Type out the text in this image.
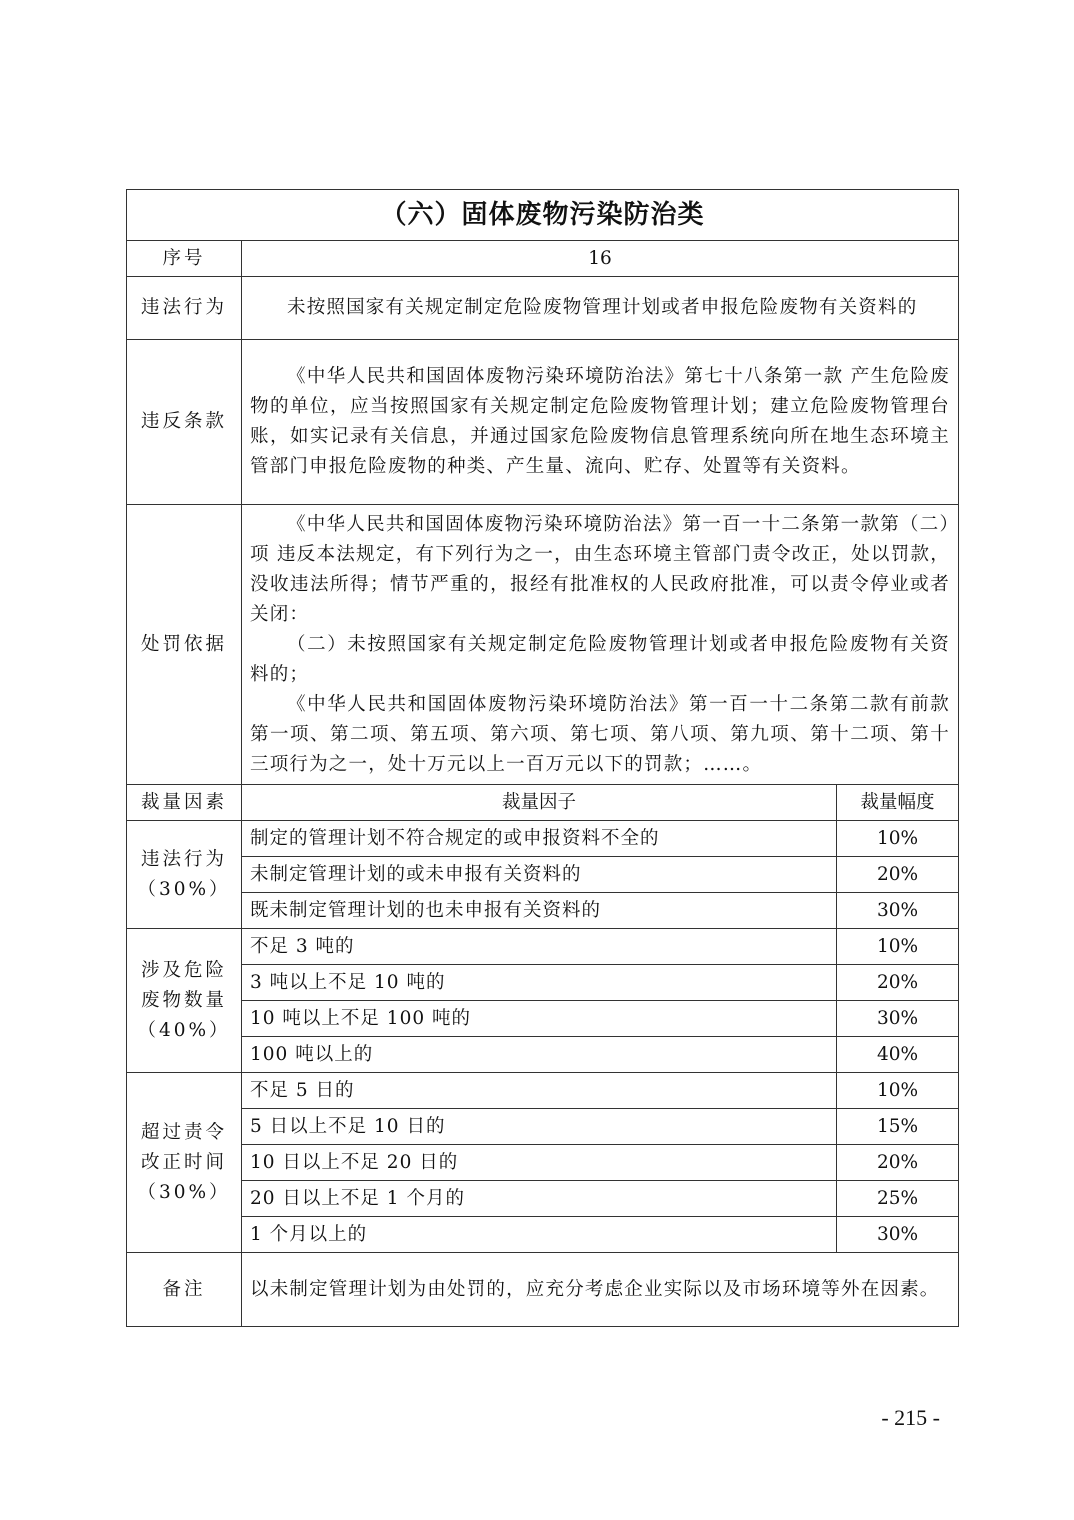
（六）固体废物污染防治类		
序号	16	
违法行为	未按照国家有关规定制定危险废物管理计划或者申报危险废物有关资料的	

违反条款	《中华人民共和国固体废物污染环境防治法》第七十八条第一款 产生危险废物的单位，应当按照国家有关规定制定危险废物管理计划；建立危险废物管理台账，如实记录有关信息，并通过国家危险废物信息管理系统向所在地生态环境主管部门申报危险废物的种类、产生量、流向、贮存、处置等有关资料。	

处罚依据	《中华人民共和国固体废物污染环境防治法》第一百一十二条第一款第（二）项 违反本法规定，有下列行为之一，由生态环境主管部门责令改正，处以罚款，没收违法所得；情节严重的，报经有批准权的人民政府批准，可以责令停业或者关闭：

（二）未按照国家有关规定制定危险废物管理计划或者申报危险废物有关资料的；

《中华人民共和国固体废物污染环境防治法》第一百一十二条第二款有前款第一项、第二项、第五项、第六项、第七项、第八项、第九项、第十二项、第十三项行为之一，处十万元以上一百万元以下的罚款；……。	

裁量因素	裁量因子	裁量幅度
违法行为（30%）	制定的管理计划不符合规定的或申报资料不全的	10%
	未制定管理计划的或未申报有关资料的	20%
	既未制定管理计划的也未申报有关资料的	30%
涉及危险废物数量（40%）	不足 3 吨的	10%
	3 吨以上不足 10 吨的	20%
	10 吨以上不足 100 吨的	30%
	100 吨以上的	40%
超过责令改正时间（30%）	不足 5 日的	10%
	5 日以上不足 10 日的	15%
	10 日以上不足 20 日的	20%
	20 日以上不足 1 个月的	25%
	1 个月以上的	30%
备注	以未制定管理计划为由处罚的，应充分考虑企业实际以及市场环境等外在因素。	
- 215 -
